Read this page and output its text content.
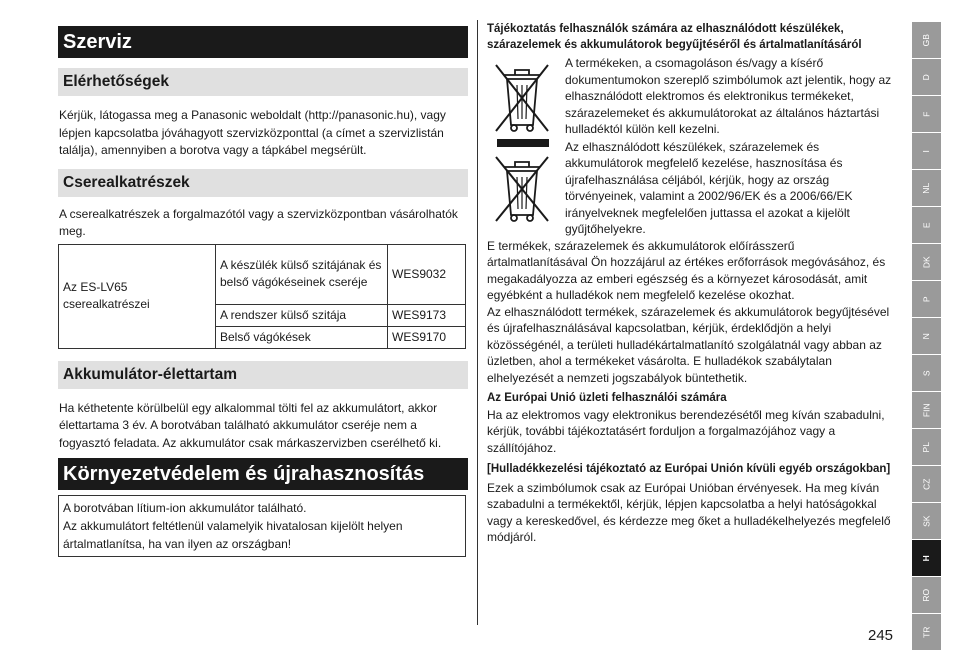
Szerviz
Elérhetőségek

Kérjük, látogassa meg a Panasonic weboldalt (http://panasonic.hu), vagy lépjen kapcsolatba jóváhagyott szervizközponttal (a címet a szervizlistán találja), amennyiben a borotva vagy a tápkábel megsérült.

Cserealkatrészek

A cserealkatrészek a forgalmazótól vagy a szervizközpontban vásárolhatók meg.

Az ES-LV65 cserealkatrészei	A készülék külső szitájának és belső vágókéseinek cseréje	WES9032
	A rendszer külső szitája	WES9173
	Belső vágókések	WES9170
Akkumulátor-élettartam

Ha kéthetente körülbelül egy alkalommal tölti fel az akkumulátort, akkor élettartama 3 év. A borotvában található akkumulátor cseréje nem a fogyasztó feladata. Az akkumulátor csak márkaszervizben cserélhető ki.

Környezetvédelem és újrahasznosítás
A borotvában lítium-ion akkumulátor található.
Az akkumulátort feltétlenül valamelyik hivatalosan kijelölt helyen ártalmatlanítsa, ha van ilyen az országban!
Tájékoztatás felhasználók számára az elhasználódott készülékek, szárazelemek és akkumulátorok begyűjtéséről és ártalmatlanításáról

A termékeken, a csomagoláson és/vagy a kísérő dokumentumokon szereplő szimbólumok azt jelentik, hogy az elhasználódott elektromos és elektronikus termékeket, szárazelemeket és akkumulátorokat az általános háztartási hulladéktól külön kell kezelni.

Az elhasználódott készülékek, szárazelemek és akkumulátorok megfelelő kezelése, hasznosítása és újrafelhasználása céljából, kérjük, hogy az ország törvényeinek, valamint a 2002/96/EK és a 2006/66/EK irányelveknek megfelelően juttassa el azokat a kijelölt gyűjtőhelyekre.

E termékek, szárazelemek és akkumulátorok előírásszerű ártalmatlanításával Ön hozzájárul az értékes erőforrások megóvásához, és megakadályozza az emberi egészség és a környezet károsodását, amit egyébként a hulladékok nem megfelelő kezelése okozhat.

Az elhasználódott termékek, szárazelemek és akkumulátorok begyűjtésével és újrafelhasználásával kapcsolatban, kérjük, érdeklődjön a helyi közösségénél, a területi hulladékártalmatlanító szolgálatnál vagy abban az üzletben, ahol a termékeket vásárolta. E hulladékok szabálytalan elhelyezését a nemzeti jogszabályok büntethetik.

Az Európai Unió üzleti felhasználói számára

Ha az elektromos vagy elektronikus berendezésétől meg kíván szabadulni, kérjük, további tájékoztatásért forduljon a forgalmazójához vagy a szállítójához.

[Hulladékkezelési tájékoztató az Európai Unión kívüli egyéb országokban]

Ezek a szimbólumok csak az Európai Unióban érvényesek. Ha meg kíván szabadulni a termékektől, kérjük, lépjen kapcsolatba a helyi hatóságokkal vagy a kereskedővel, és kérdezze meg őket a hulladékelhelyezés megfelelő módjáról.

GB
D
F
I
NL
E
DK
P
N
S
FIN
PL
CZ
SK
H
RO
TR
245
